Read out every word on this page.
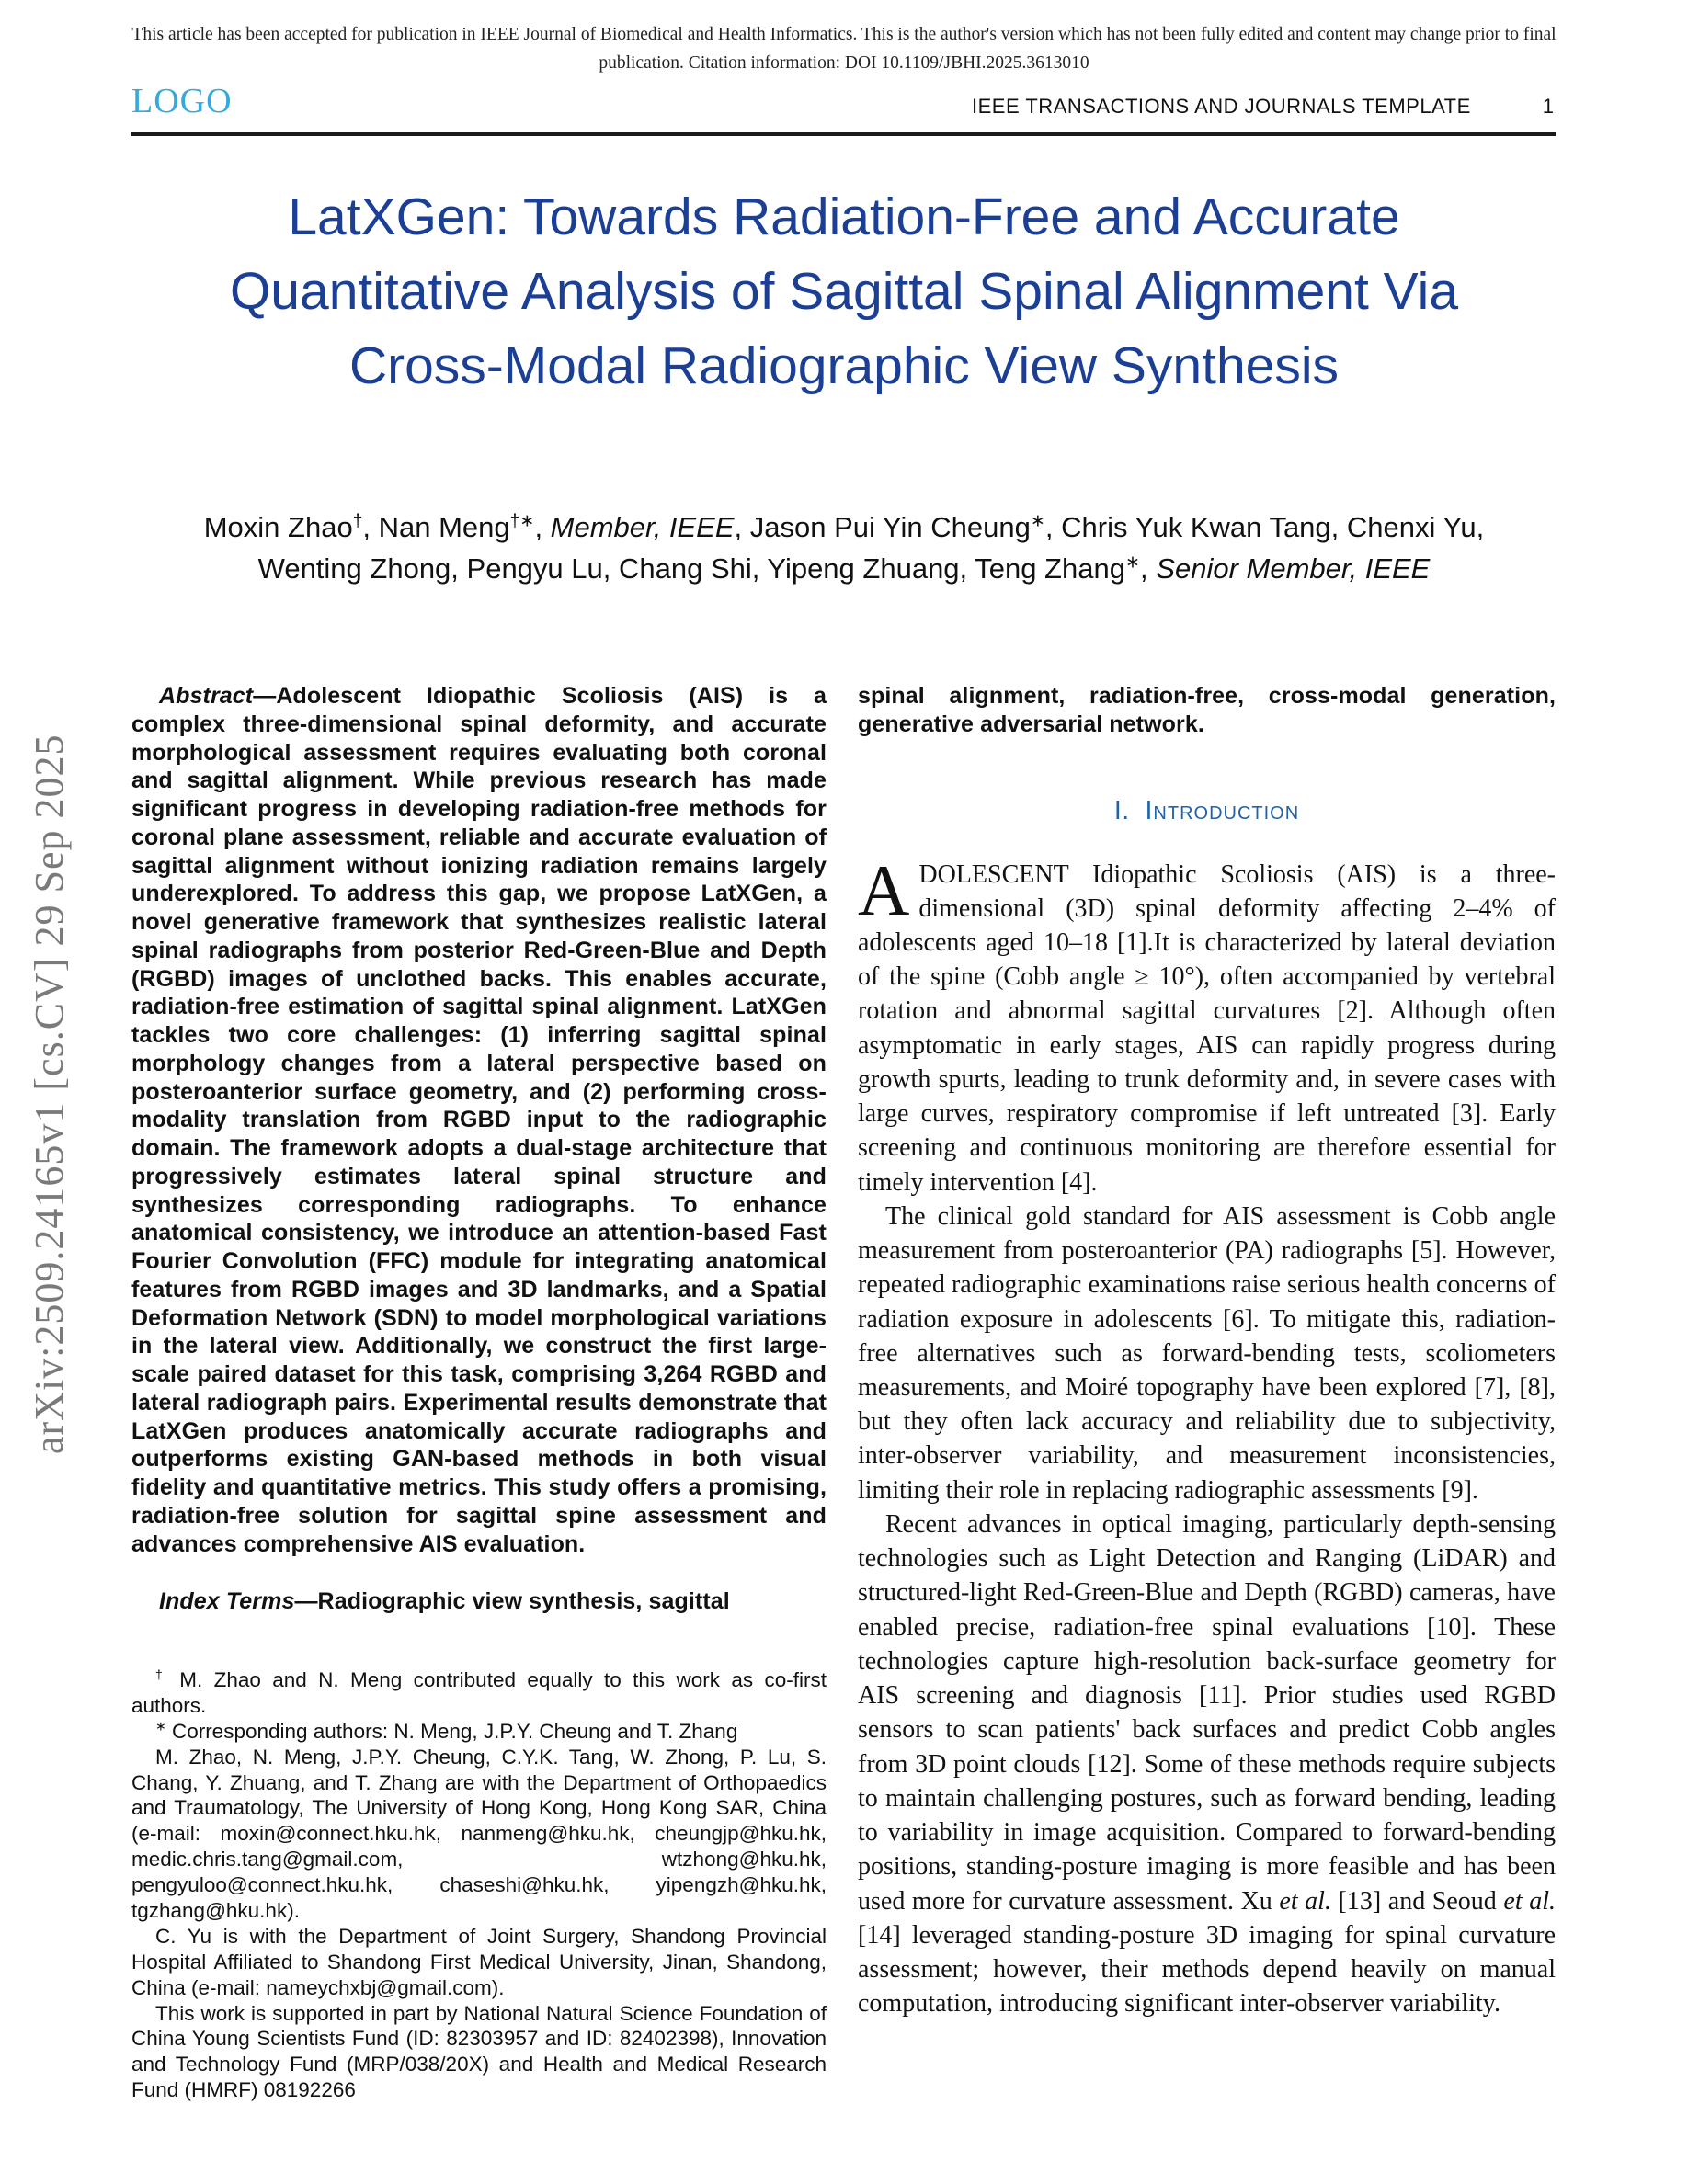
This article has been accepted for publication in IEEE Journal of Biomedical and Health Informatics. This is the author's version which has not been fully edited and content may change prior to final publication. Citation information: DOI 10.1109/JBHI.2025.3613010
LOGO	IEEE TRANSACTIONS AND JOURNALS TEMPLATE	1
LatXGen: Towards Radiation-Free and Accurate Quantitative Analysis of Sagittal Spinal Alignment Via Cross-Modal Radiographic View Synthesis
Moxin Zhao†, Nan Meng†∗, Member, IEEE, Jason Pui Yin Cheung∗, Chris Yuk Kwan Tang, Chenxi Yu,
Wenting Zhong, Pengyu Lu, Chang Shi, Yipeng Zhuang, Teng Zhang∗, Senior Member, IEEE
arXiv:2509.24165v1 [cs.CV] 29 Sep 2025

Abstract—Adolescent Idiopathic Scoliosis (AIS) is a complex three-dimensional spinal deformity, and accurate morphological assessment requires evaluating both coronal and sagittal alignment. While previous research has made significant progress in developing radiation-free methods for coronal plane assessment, reliable and accurate evaluation of sagittal alignment without ionizing radiation remains largely underexplored. To address this gap, we propose LatXGen, a novel generative framework that synthesizes realistic lateral spinal radiographs from posterior Red-Green-Blue and Depth (RGBD) images of unclothed backs. This enables accurate, radiation-free estimation of sagittal spinal alignment. LatXGen tackles two core challenges: (1) inferring sagittal spinal morphology changes from a lateral perspective based on posteroanterior surface geometry, and (2) performing cross-modality translation from RGBD input to the radiographic domain. The framework adopts a dual-stage architecture that progressively estimates lateral spinal structure and synthesizes corresponding radiographs. To enhance anatomical consistency, we introduce an attention-based Fast Fourier Convolution (FFC) module for integrating anatomical features from RGBD images and 3D landmarks, and a Spatial Deformation Network (SDN) to model morphological variations in the lateral view. Additionally, we construct the first large-scale paired dataset for this task, comprising 3,264 RGBD and lateral radiograph pairs. Experimental results demonstrate that LatXGen produces anatomically accurate radiographs and outperforms existing GAN-based methods in both visual fidelity and quantitative metrics. This study offers a promising, radiation-free solution for sagittal spine assessment and advances comprehensive AIS evaluation.

Index Terms—Radiographic view synthesis, sagittal

† M. Zhao and N. Meng contributed equally to this work as co-first authors.

∗ Corresponding authors: N. Meng, J.P.Y. Cheung and T. Zhang

M. Zhao, N. Meng, J.P.Y. Cheung, C.Y.K. Tang, W. Zhong, P. Lu, S. Chang, Y. Zhuang, and T. Zhang are with the Department of Orthopaedics and Traumatology, The University of Hong Kong, Hong Kong SAR, China (e-mail: moxin@connect.hku.hk, nanmeng@hku.hk, cheungjp@hku.hk, medic.chris.tang@gmail.com, wtzhong@hku.hk, pengyuloo@connect.hku.hk, chaseshi@hku.hk, yipengzh@hku.hk, tgzhang@hku.hk).

C. Yu is with the Department of Joint Surgery, Shandong Provincial Hospital Affiliated to Shandong First Medical University, Jinan, Shandong, China (e-mail: nameychxbj@gmail.com).

This work is supported in part by National Natural Science Foundation of China Young Scientists Fund (ID: 82303957 and ID: 82402398), Innovation and Technology Fund (MRP/038/20X) and Health and Medical Research Fund (HMRF) 08192266

spinal alignment, radiation-free, cross-modal generation, generative adversarial network.

I.  Introduction

ADOLESCENT Idiopathic Scoliosis (AIS) is a three-dimensional (3D) spinal deformity affecting 2–4% of adolescents aged 10–18 [1].It is characterized by lateral deviation of the spine (Cobb angle ≥ 10°), often accompanied by vertebral rotation and abnormal sagittal curvatures [2]. Although often asymptomatic in early stages, AIS can rapidly progress during growth spurts, leading to trunk deformity and, in severe cases with large curves, respiratory compromise if left untreated [3]. Early screening and continuous monitoring are therefore essential for timely intervention [4].

The clinical gold standard for AIS assessment is Cobb angle measurement from posteroanterior (PA) radiographs [5]. However, repeated radiographic examinations raise serious health concerns of radiation exposure in adolescents [6]. To mitigate this, radiation-free alternatives such as forward-bending tests, scoliometers measurements, and Moiré topography have been explored [7], [8], but they often lack accuracy and reliability due to subjectivity, inter-observer variability, and measurement inconsistencies, limiting their role in replacing radiographic assessments [9].

Recent advances in optical imaging, particularly depth-sensing technologies such as Light Detection and Ranging (LiDAR) and structured-light Red-Green-Blue and Depth (RGBD) cameras, have enabled precise, radiation-free spinal evaluations [10]. These technologies capture high-resolution back-surface geometry for AIS screening and diagnosis [11]. Prior studies used RGBD sensors to scan patients' back surfaces and predict Cobb angles from 3D point clouds [12]. Some of these methods require subjects to maintain challenging postures, such as forward bending, leading to variability in image acquisition. Compared to forward-bending positions, standing-posture imaging is more feasible and has been used more for curvature assessment. Xu et al. [13] and Seoud et al. [14] leveraged standing-posture 3D imaging for spinal curvature assessment; however, their methods depend heavily on manual computation, introducing significant inter-observer variability.
